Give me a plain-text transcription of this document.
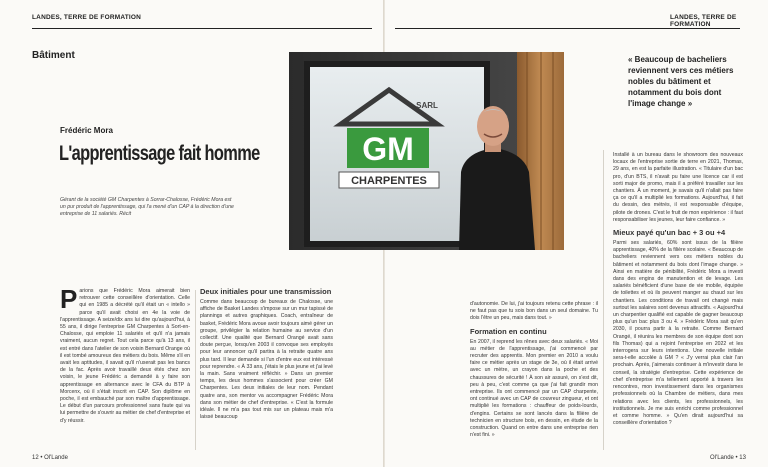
LANDES, TERRE DE FORMATION
Bâtiment
Frédéric Mora
L'apprentissage fait homme
Gérant de la société GM Charpentes à Sorrar-Chalosse, Frédéric Mora est un pur produit de l'apprentissage, qui l'a mené d'un CAP à la direction d'une entreprise de 11 salariés. Récit
P arions que Frédéric Mora aimerait bien retrouver cette conseillère d'orientation. Celle qui en 1985 a décrété qu'il était un « intello » parce qu'il avait choisi en 4e la voie de l'apprentissage. A seize/dix ans lui dire qu'aujourd'hui, à 55 ans, il dirige l'entreprise GM Charpentes à Sort-en-Chalosse, qui emploie 11 salariés et qu'il n'a jamais vraiment, aucun regret. Tout cela parce qu'à 13 ans, il est entré dans l'atelier de son voisin Bernard Orange où il est tombé amoureux des métiers du bois. Même s'il en avait les aptitudes, il savait qu'il n'userait pas les bancs de la fac. Après avoir travaillé deux étés chez son voisin, le jeune Frédéric a demandé à y faire son apprentissage en alternance avec le CFA du BTP à Morcenx, où il s'était inscrit en CAP. Son diplôme en poche, il est embauché par son maître d'apprentissage. Le début d'un parcours professionnel sans faute qui va lui permettre de s'ouvrir au métier de chef d'entreprise et d'y réussir.
Deux initiales pour une transmission
Comme dans beaucoup de bureaux de Chalosse, une affiche de Basket Landes s'impose sur un mur tapissé de plannings et autres graphiques. Coach, entraîneur de basket, Frédéric Mora avoue avoir toujours aimé gérer un groupe, privilégier la relation humaine au service d'un collectif. Une qualité que Bernard Orangé avait sans doute perçue, lorsqu'en 2003 il convoque ses employés pour leur annoncer qu'il partira à la retraite quatre ans plus tard. Il leur demande si l'un d'entre eux est intéressé pour reprendre. « À 33 ans, j'étais le plus jeune et j'ai levé la main. Sans vraiment réfléchir. » Dans un premier temps, les deux hommes s'associent pour créer GM Charpentes. Les deux initiales de leur nom. Pendant quatre ans, son mentor va accompagner Frédéric Mora dans son métier de chef d'entreprise. « C'est la formule idéale. Il ne m'a pas tout mis sur un plateau mais m'a laissé beaucoup
12 • Ol'Lande
LANDES, TERRE DE FORMATION
d'autonomie. De lui, j'ai toujours retenu cette phrase : il ne faut pas que tu sois bon dans un seul domaine. Tu dois l'être un peu, mais dans tout. »
Formation en continu
En 2007, il reprend les rênes avec deux salariés. « Moi au métier de l'apprentissage, j'ai commencé par recruter des apprentis. Mon premier en 2010 a voulu faire ce métier après un stage de 3e, où il était arrivé avec un mètre, un crayon dans la poche et des chaussures de sécurité ! À son air assuré, on s'est dit, peu à peu, c'est comme ça que j'ai fait grandir mon entreprise. Ils ont commencé par un CAP charpente, ont continué avec un CAP de couvreur zingueur, et ont multiplié les formations : chauffeur de poids-lourds, d'engins. Certains se sont lancés dans la filière de technicien en structure bois, en dessin, en étude de la construction. Quand on entre dans une entreprise rien n'est fini. »
Installé à un bureau dans le showroom des nouveaux locaux de l'entreprise sortie de terre en 2021, Thomas, 29 ans, en est la parfaite illustration. « Titulaire d'un bac pro, d'un BTS, il n'avait pu faire une licence car il est sorti major de promo, mais il a préféré travailler sur les chantiers. À un moment, je savais qu'il n'allait pas faire ça ce qu'il a multiplié les formations. Aujourd'hui, il fait du dessin, des métrés, il est responsable d'équipe, pilote de drones. C'est le fruit de mon expérience : il faut responsabiliser les jeunes, leur faire confiance. »
Mieux payé qu'un bac + 3 ou +4
Parmi ses salariés, 60% sont issus de la filière apprentissage, 40% de la filière scolaire. « Beaucoup de bacheliers reviennent vers ces métiers nobles du bâtiment et notamment du bois dont l'image change. » Ainsi en matière de pénibilité, Frédéric Mora a investi dans des engins de manutention et de levage. Les salariés bénéficient d'une base de vie mobile, équipée de toilettes et où ils peuvent manger au chaud sur les chantiers. Les conditions de travail ont changé mais surtout les salaires sont devenus attractifs. « Aujourd'hui un charpentier qualifié est capable de gagner beaucoup plus qu'un bac plus 3 ou 4. » Frédéric Mora sait qu'en 2030, il pourra partir à la retraite. Comme Bernard Orangé, il réunira les membres de son équipe dont son fils Thomas) qui a rejoint l'entreprise en 2022 et les interrogera sur leurs intentions. Une nouvelle initiale sera-t-elle accolée à GM ? « J'y verrai plus clair l'an prochain. Après, j'aimerais continuer à m'investir dans le conseil, la stratégie d'entreprise. Cette expérience de chef d'entreprise m'a tellement apporté à travers les rencontres, mon investissement dans les organismes professionnels où la Chambre de métiers, dans mes relations avec les clients, les professionnels, les institutionnels. Je me suis enrichi comme professionnel et comme homme. » Qu'en dirait aujourd'hui sa conseillère d'orientation ?
Ol'Lande • 13
« Beaucoup de bacheliers reviennent vers ces métiers nobles du bâtiment et notamment du bois dont l'image change »
GM
CHARPENTES
SARL
